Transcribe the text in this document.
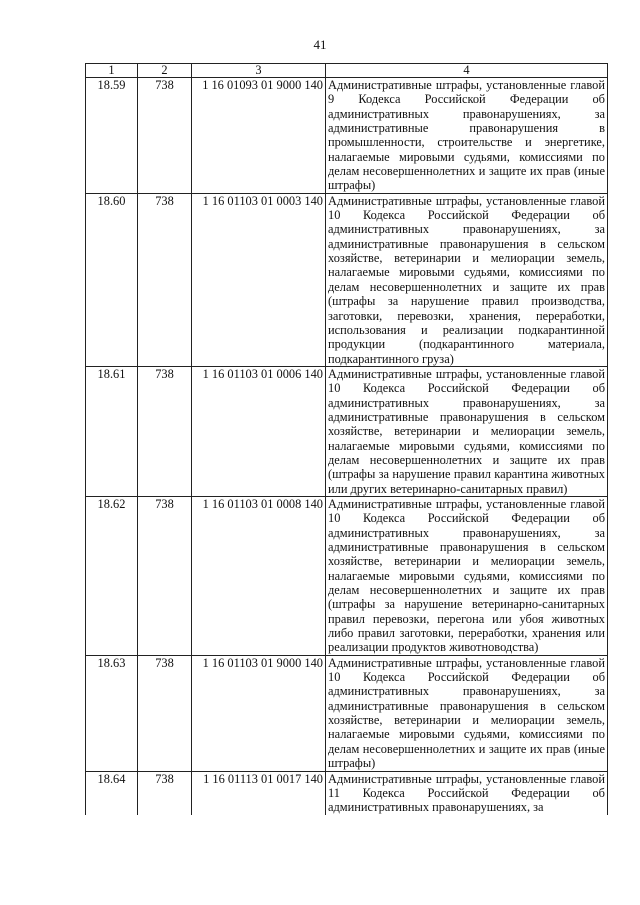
41
1	2	3	4
18.59	738	1 16 01093 01 9000 140	Административные штрафы, установленные главой 9 Кодекса Российской Федерации об административных правонарушениях, за административные правонарушения в промышленности, строительстве и энергетике, налагаемые мировыми судьями, комиссиями по делам несовершеннолетних и защите их прав (иные штрафы)
18.60	738	1 16 01103 01 0003 140	Административные штрафы, установленные главой 10 Кодекса Российской Федерации об административных правонарушениях, за административные правонарушения в сельском хозяйстве, ветеринарии и мелиорации земель, налагаемые мировыми судьями, комиссиями по делам несовершеннолетних и защите их прав (штрафы за нарушение правил производства, заготовки, перевозки, хранения, переработки, использования и реализации подкарантинной продукции (подкарантинного материала, подкарантинного груза)
18.61	738	1 16 01103 01 0006 140	Административные штрафы, установленные главой 10 Кодекса Российской Федерации об административных правонарушениях, за административные правонарушения в сельском хозяйстве, ветеринарии и мелиорации земель, налагаемые мировыми судьями, комиссиями по делам несовершеннолетних и защите их прав (штрафы за нарушение правил карантина животных или других ветеринарно-санитарных правил)
18.62	738	1 16 01103 01 0008 140	Административные штрафы, установленные главой 10 Кодекса Российской Федерации об административных правонарушениях, за административные правонарушения в сельском хозяйстве, ветеринарии и мелиорации земель, налагаемые мировыми судьями, комиссиями по делам несовершеннолетних и защите их прав (штрафы за нарушение ветеринарно-санитарных правил перевозки, перегона или убоя животных либо правил заготовки, переработки, хранения или реализации продуктов животноводства)
18.63	738	1 16 01103 01 9000 140	Административные штрафы, установленные главой 10 Кодекса Российской Федерации об административных правонарушениях, за административные правонарушения в сельском хозяйстве, ветеринарии и мелиорации земель, налагаемые мировыми судьями, комиссиями по делам несовершеннолетних и защите их прав (иные штрафы)
18.64	738	1 16 01113 01 0017 140	Административные штрафы, установленные главой 11 Кодекса Российской Федерации об административных правонарушениях, за
